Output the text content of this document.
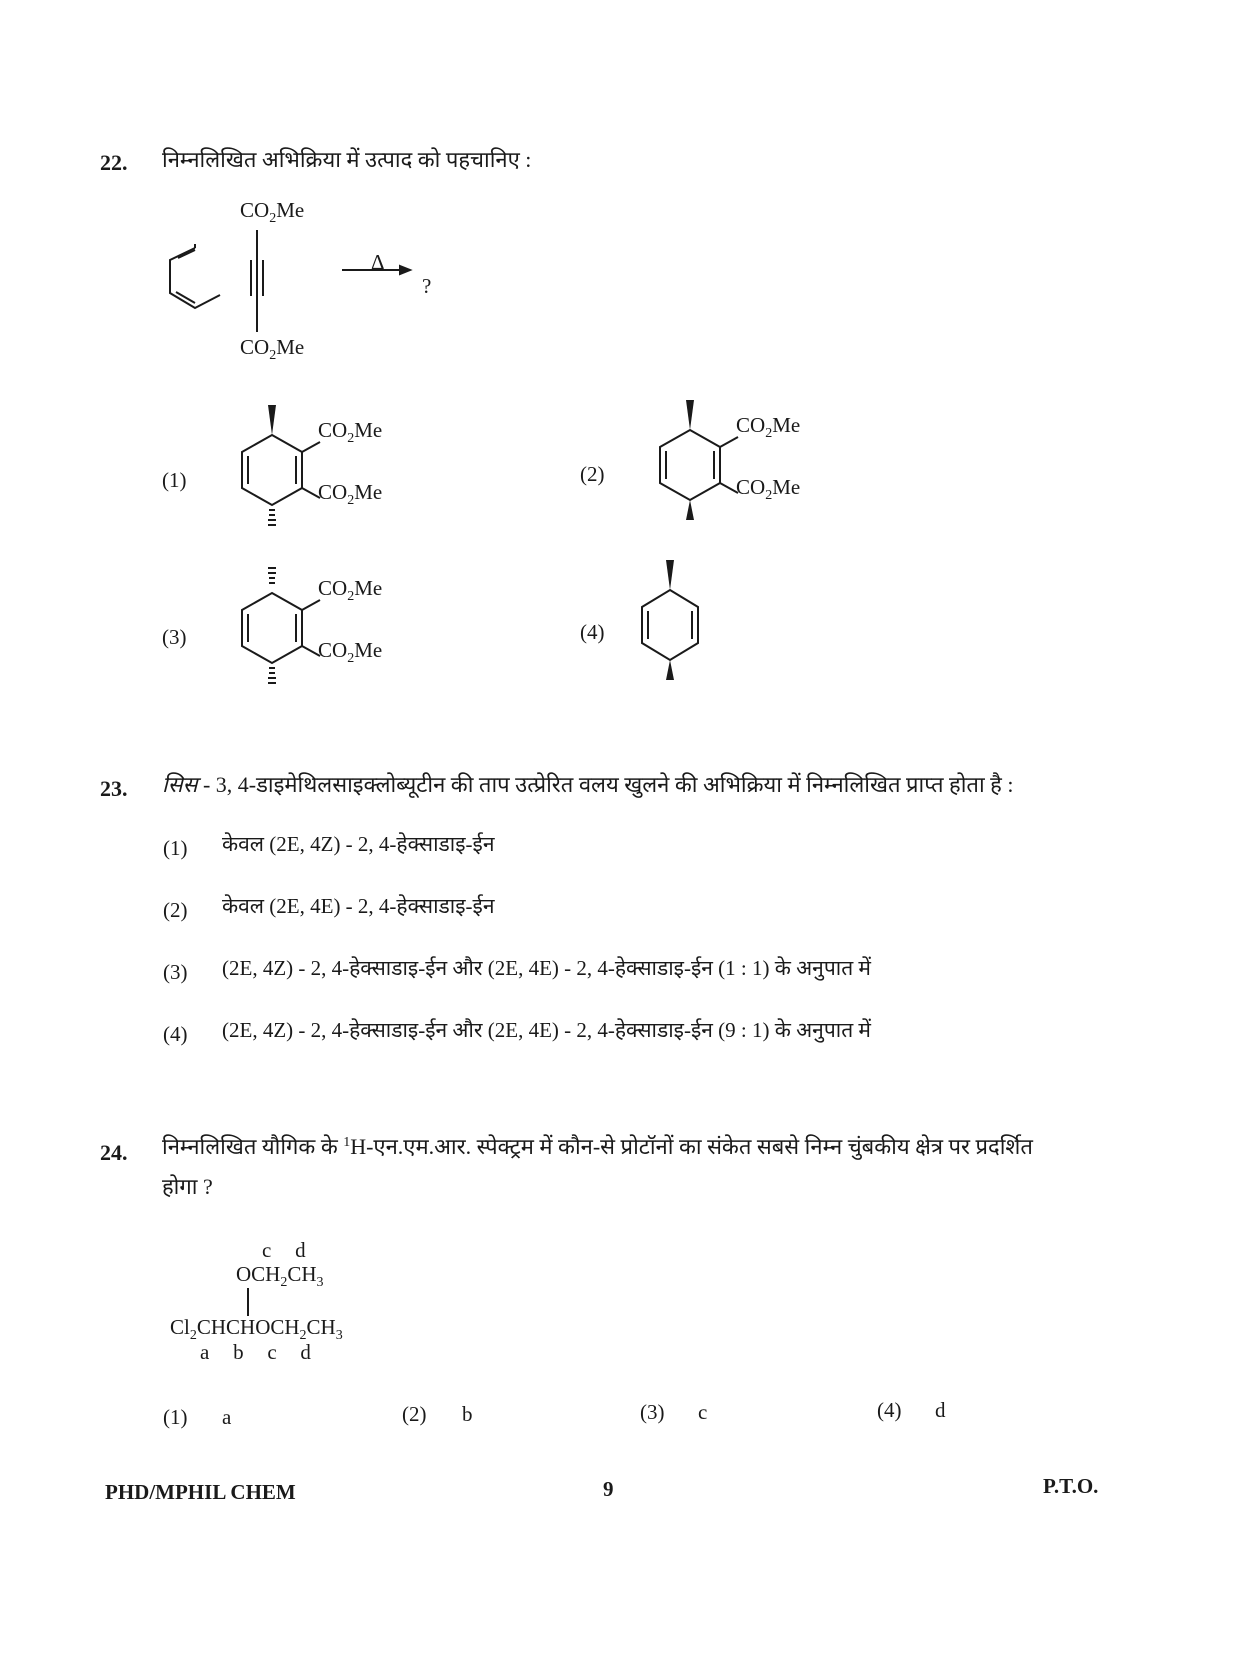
22. निम्नलिखित अभिक्रिया में उत्पाद को पहचानिए :
$CO_2Me$
$CO_2Me$
Δ
?
(1)
$CO_2Me$
$CO_2Me$
(2)
$CO_2Me$
$CO_2Me$
(3)
$CO_2Me$
$CO_2Me$
(4)
23. सिस - 3, 4-डाइमेथिलसाइक्लोब्यूटीन की ताप उत्प्रेरित वलय खुलने की अभिक्रिया में निम्नलिखित प्राप्त होता है :
(1) केवल (2E, 4Z) - 2, 4-हेक्साडाइ-ईन
(2) केवल (2E, 4E) - 2, 4-हेक्साडाइ-ईन
(3) (2E, 4Z) - 2, 4-हेक्साडाइ-ईन और (2E, 4E) - 2, 4-हेक्साडाइ-ईन (1 : 1) के अनुपात में
(4) (2E, 4Z) - 2, 4-हेक्साडाइ-ईन और (2E, 4E) - 2, 4-हेक्साडाइ-ईन (9 : 1) के अनुपात में
24. निम्नलिखित यौगिक के $^1$H-एन.एम.आर. स्पेक्ट्रम में कौन-से प्रोटॉनों का संकेत सबसे निम्न चुंबकीय क्षेत्र पर प्रदर्शित
होगा ?
c   d
$OCH_2CH_3$
$Cl_2CHCHOCH_2CH_3$
a   b   c   d
(1) a	(2) b	(3) c	(4) d
PHD/MPHIL CHEM	9	P.T.O.
